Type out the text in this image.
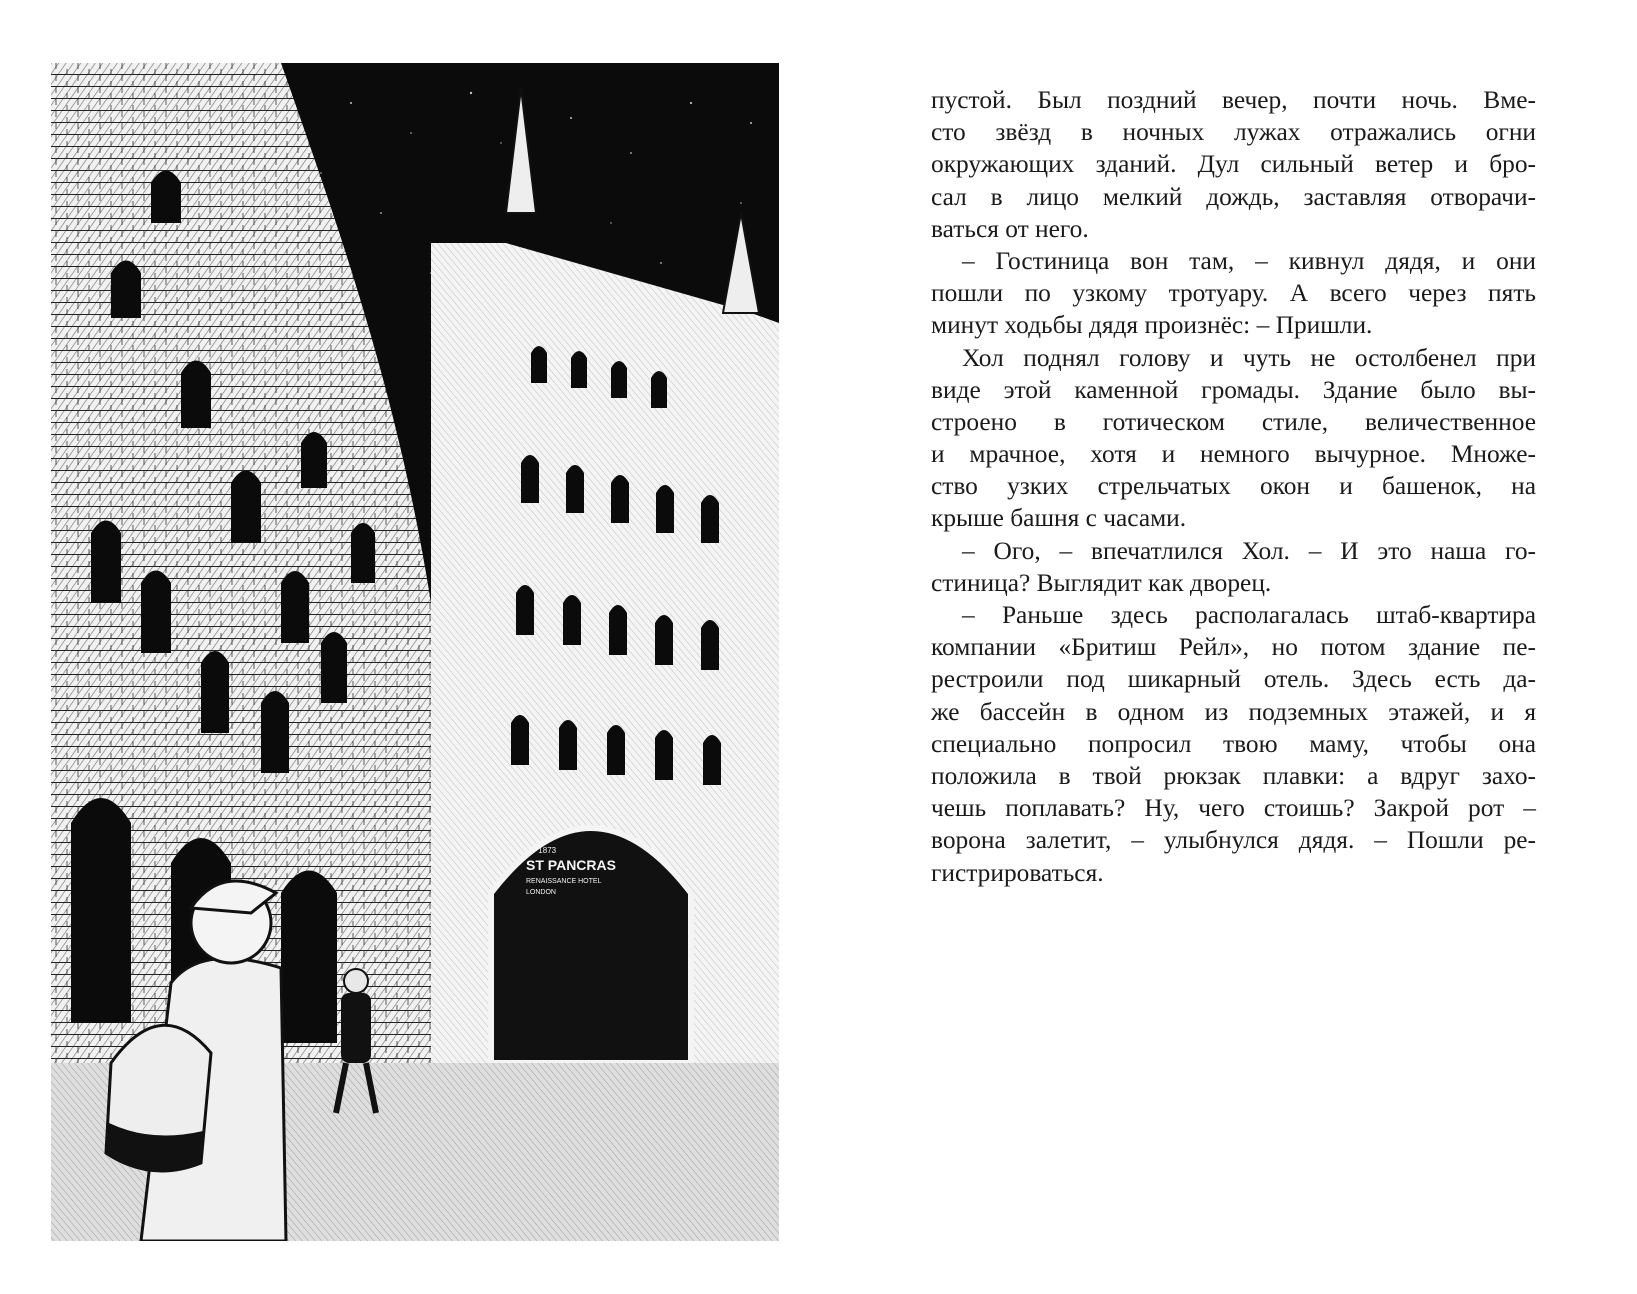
ST 1873
ST PANCRAS
RENAISSANCE HOTEL
LONDON
пустой. Был поздний вечер, почти ночь. Вме-
сто звёзд в ночных лужах отражались огни
окружающих зданий. Дул сильный ветер и бро-
сал в лицо мелкий дождь, заставляя отворачи-
ваться от него.
– Гостиница вон там, – кивнул дядя, и они
пошли по узкому тротуару. А всего через пять
минут ходьбы дядя произнёс: – Пришли.
Хол поднял голову и чуть не остолбенел при
виде этой каменной громады. Здание было вы-
строено в готическом стиле, величественное
и мрачное, хотя и немного вычурное. Множе-
ство узких стрельчатых окон и башенок, на
крыше башня с часами.
– Ого, – впечатлился Хол. – И это наша го-
стиница? Выглядит как дворец.
– Раньше здесь располагалась штаб-квартира
компании «Бритиш Рейл», но потом здание пе-
рестроили под шикарный отель. Здесь есть да-
же бассейн в одном из подземных этажей, и я
специально попросил твою маму, чтобы она
положила в твой рюкзак плавки: а вдруг захо-
чешь поплавать? Ну, чего стоишь? Закрой рот –
ворона залетит, – улыбнулся дядя. – Пошли ре-
гистрироваться.
